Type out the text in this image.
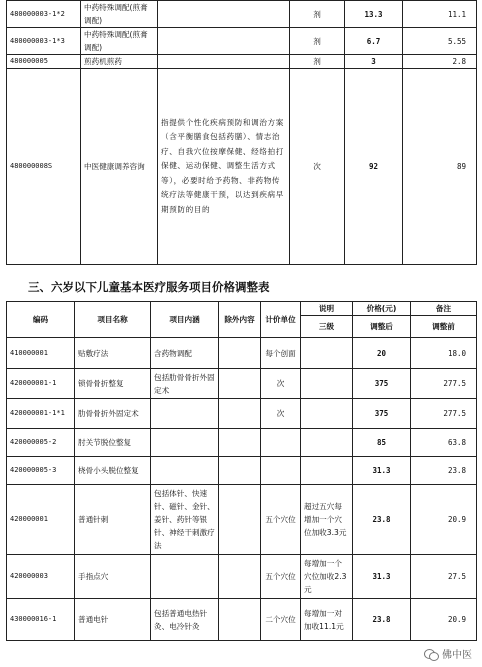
480000003-1*2	中药特殊调配(煎膏调配)		剂	13.3	11.1
480000003-1*3	中药特殊调配(煎膏调配)		剂	6.7	5.55
480000005	煎药机煎药		剂	3	2.8
480000008S	中医健康调养咨询	指提供个性化疾病预防和调治方案（含平衡膳食包括药膳）、情志治疗、自我穴位按摩保健、经络拍打保健、运动保健、调整生活方式等），必要时给予药物、非药物传统疗法等健康干预，以达到疾病早期预防的目的	次	92	89
三、六岁以下儿童基本医疗服务项目价格调整表
编码	项目名称	项目内涵	除外内容	计价单位	说明	价格(元)	备注
					三级	调整后	调整前
410000001	贴敷疗法	含药物调配		每个创面		20	18.0
420000001-1	锁骨骨折整复	包括肋骨骨折外固定术		次		375	277.5
420000001-1*1	肋骨骨折外固定术			次		375	277.5
420000005-2	肘关节脱位整复					85	63.8
420000005-3	桡骨小头脱位整复					31.3	23.8
420000001	普通针刺	包括体针、快速针、磁针、金针、姜针、药针等银针、神经干刺激疗法		五个穴位	超过五穴每增加一个穴位加收3.3元	23.8	20.9
420000003	手指点穴			五个穴位	每增加一个穴位加收2.3元	31.3	27.5
430000016-1	普通电针	包括普通电热针灸、电冷针灸		二个穴位	每增加一对加收11.1元	23.8	20.9
佛中医
